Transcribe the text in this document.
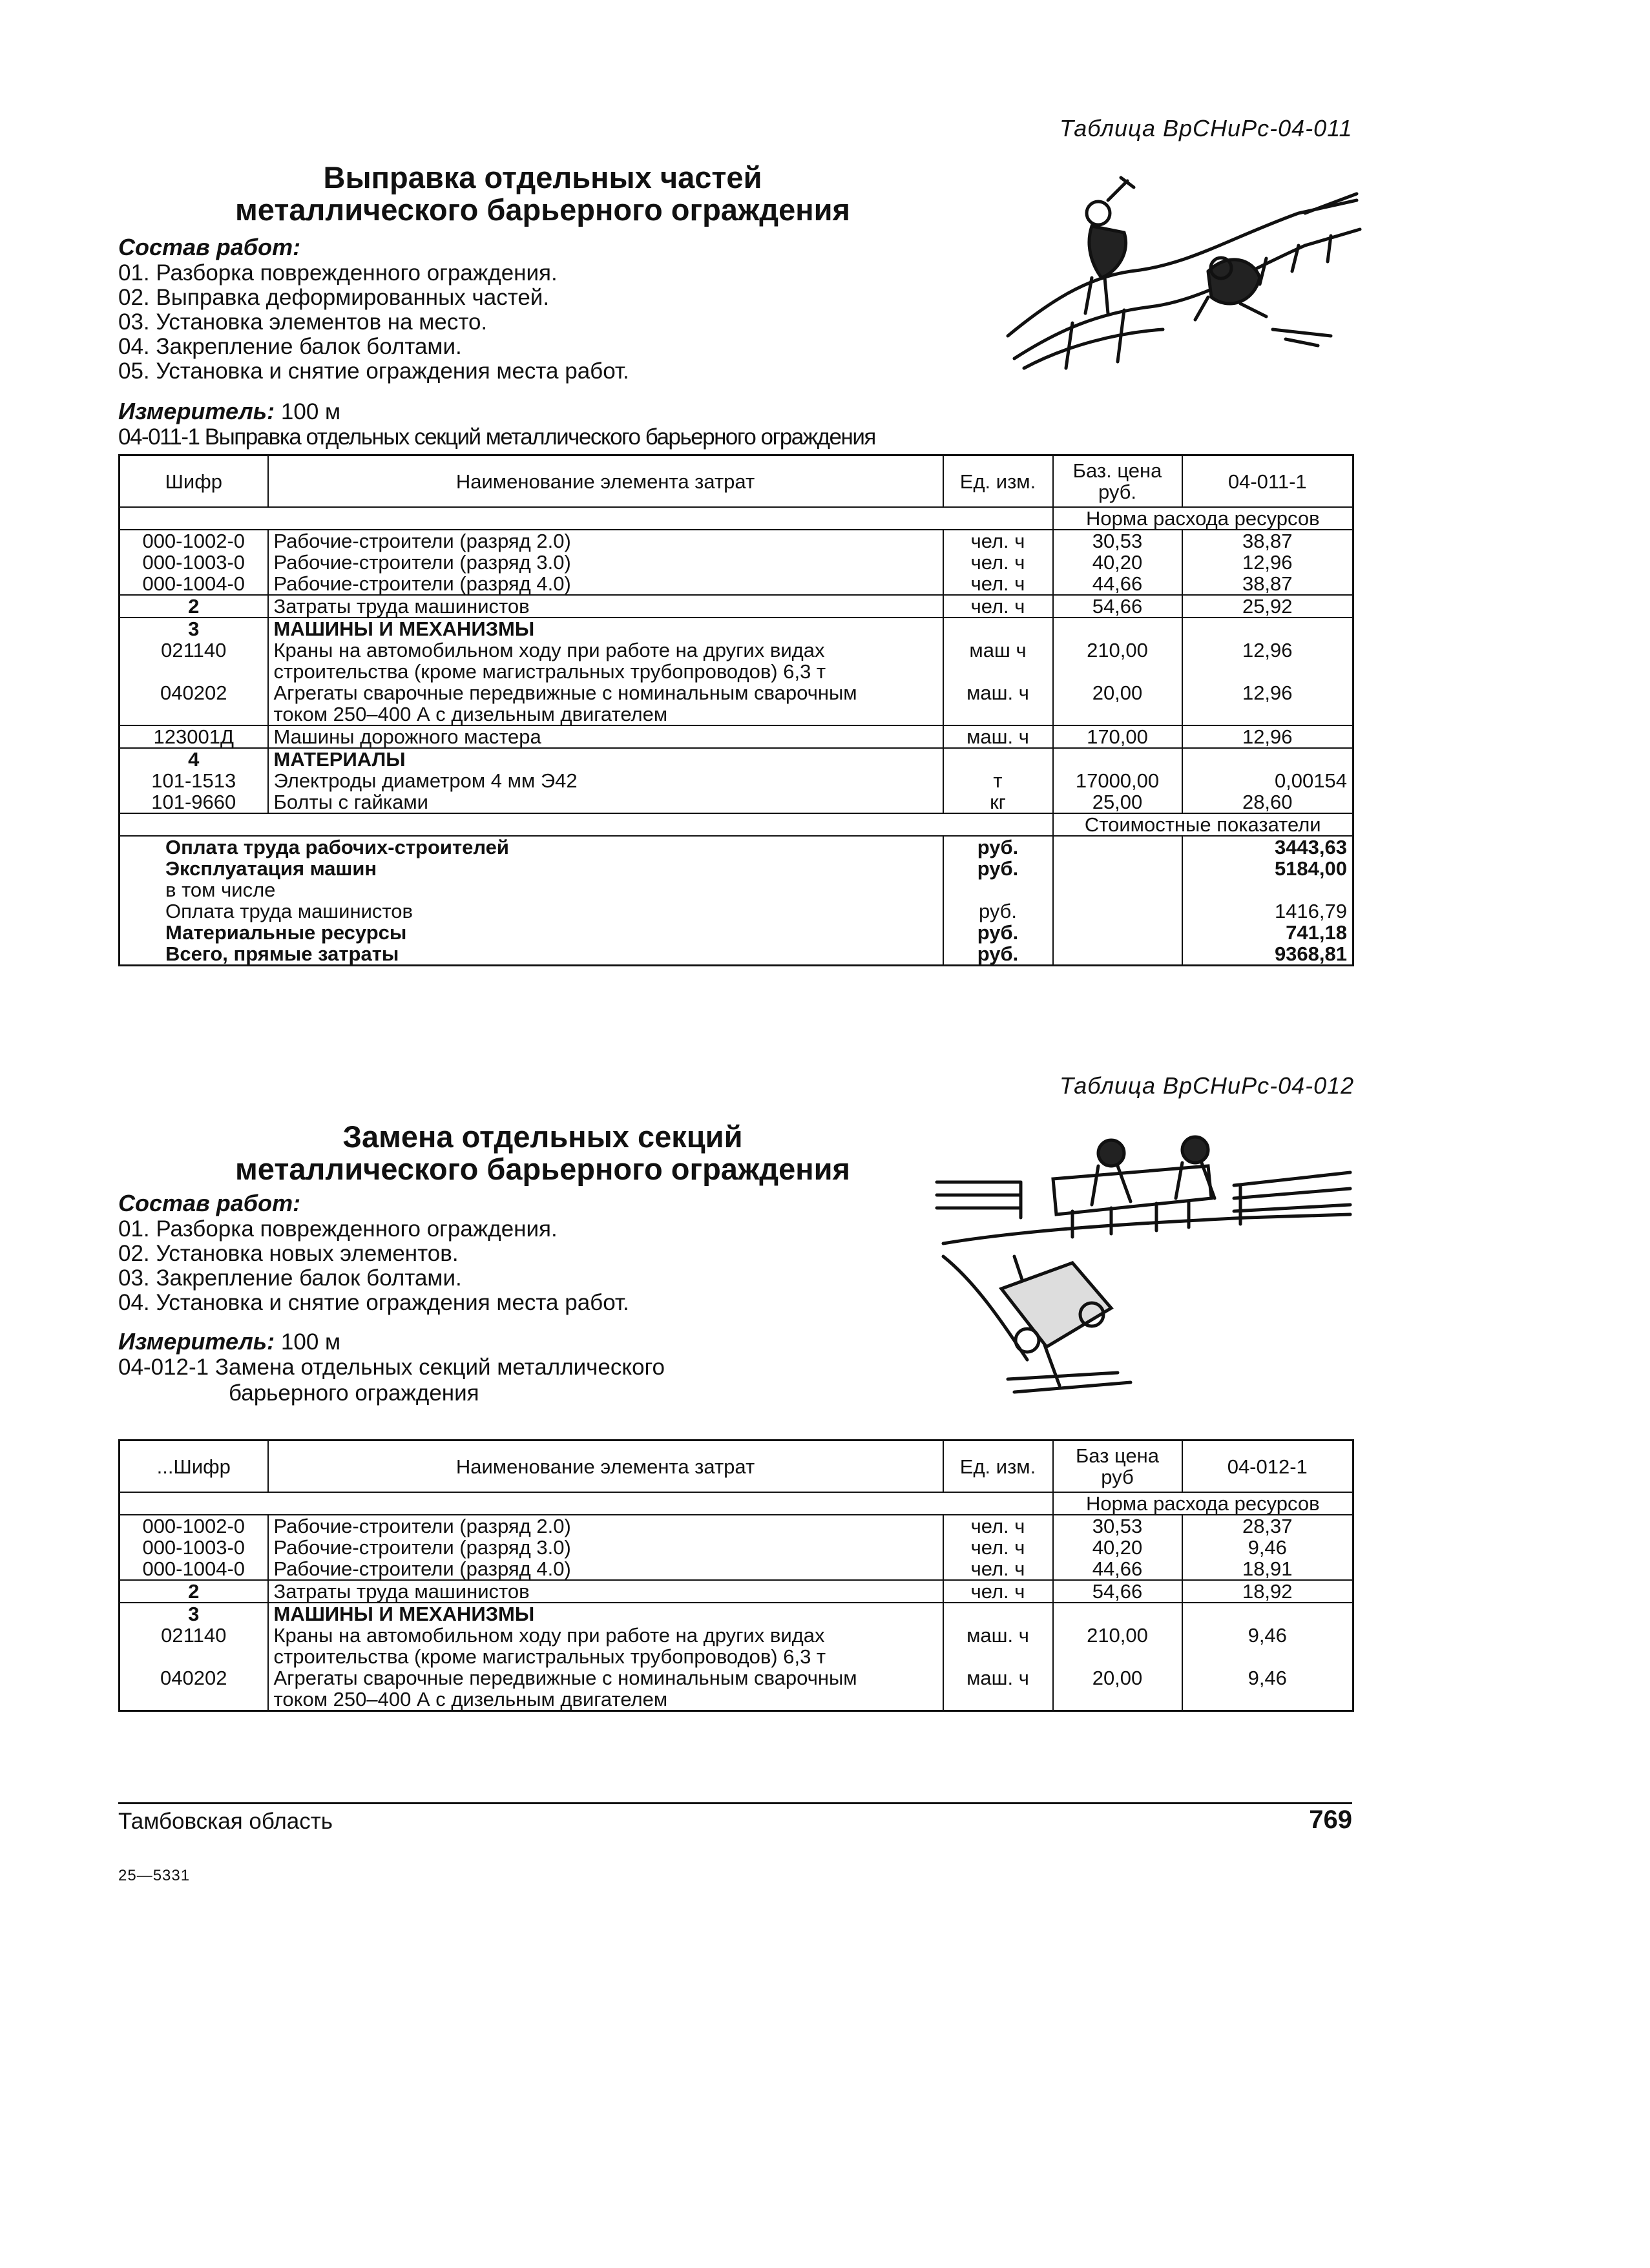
Таблица ВрСНиРс-04-011
Выправка отдельных частей
металлического барьерного ограждения
Состав работ:
01. Разборка поврежденного ограждения.
02. Выправка деформированных частей.
03. Установка элементов на место.
04. Закрепление балок болтами.
05. Установка и снятие ограждения места работ.
Измеритель: 100 м
04-011-1 Выправка отдельных секций металлического барьерного ограждения
Шифр	Наименование элемента затрат	Ед. изм.	Баз. цена руб.	04-011-1
			Норма расхода ресурсов	
000-1002-0	Рабочие-строители (разряд 2.0)	чел. ч	30,53	38,87
000-1003-0	Рабочие-строители (разряд 3.0)	чел. ч	40,20	12,96
000-1004-0	Рабочие-строители (разряд 4.0)	чел. ч	44,66	38,87
2	Затраты труда машинистов	чел. ч	54,66	25,92
3	МАШИНЫ И МЕХАНИЗМЫ			
021140	Краны на автомобильном ходу при работе на других видах	маш ч	210,00	12,96
	строительства (кроме магистральных трубопроводов) 6,3 т			
040202	Агрегаты сварочные передвижные с номинальным сварочным	маш. ч	20,00	12,96
	током 250–400 А с дизельным двигателем			
123001Д	Машины дорожного мастера	маш. ч	170,00	12,96
4	МАТЕРИАЛЫ			
101-1513	Электроды диаметром 4 мм Э42	т	17000,00	0,00154
101-9660	Болты с гайками	кг	25,00	28,60
			Стоимостные показатели	
Оплата труда рабочих-строителей		руб.		3443,63
Эксплуатация машин		руб.		5184,00
в том числе				
Оплата труда машинистов		руб.		1416,79
Материальные ресурсы		руб.		741,18
Всего, прямые затраты		руб.		9368,81
Таблица ВрСНиРс-04-012
Замена отдельных секций
металлического барьерного ограждения
Состав работ:
01. Разборка поврежденного ограждения.
02. Установка новых элементов.
03. Закрепление балок болтами.
04. Установка и снятие ограждения места работ.
Измеритель: 100 м
04-012-1 Замена отдельных секций металлического
барьерного ограждения
...Шифр	Наименование элемента затрат	Ед. изм.	Баз цена руб	04-012-1
			Норма расхода ресурсов	
000-1002-0	Рабочие-строители (разряд 2.0)	чел. ч	30,53	28,37
000-1003-0	Рабочие-строители (разряд 3.0)	чел. ч	40,20	9,46
000-1004-0	Рабочие-строители (разряд 4.0)	чел. ч	44,66	18,91
2	Затраты труда машинистов	чел. ч	54,66	18,92
3	МАШИНЫ И МЕХАНИЗМЫ			
021140	Краны на автомобильном ходу при работе на других видах	маш. ч	210,00	9,46
	строительства (кроме магистральных трубопроводов) 6,3 т			
040202	Агрегаты сварочные передвижные с номинальным сварочным	маш. ч	20,00	9,46
	током 250–400 А с дизельным двигателем			
Тамбовская область	769
25—5331
